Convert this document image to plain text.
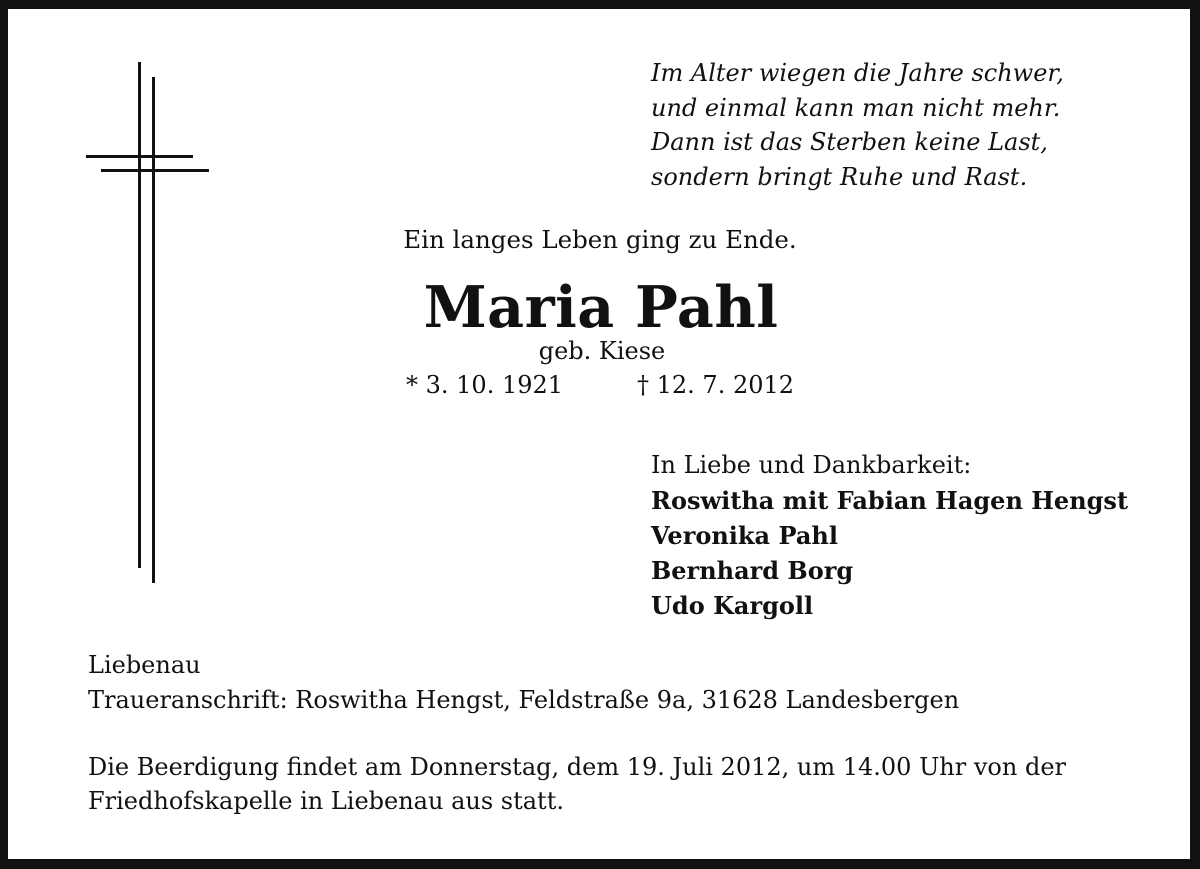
Im Alter wiegen die Jahre schwer,
und einmal kann man nicht mehr.
Dann ist das Sterben keine Last,
sondern bringt Ruhe und Rast.
Ein langes Leben ging zu Ende.
Maria Pahl
geb. Kiese
* 3. 10. 1921	† 12. 7. 2012
In Liebe und Dankbarkeit:
Roswitha mit Fabian Hagen Hengst
Veronika Pahl
Bernhard Borg
Udo Kargoll
Liebenau
Traueranschrift: Roswitha Hengst, Feldstraße 9a, 31628 Landesbergen
Die Beerdigung findet am Donnerstag, dem 19. Juli 2012, um 14.00 Uhr von der
Friedhofskapelle in Liebenau aus statt.
